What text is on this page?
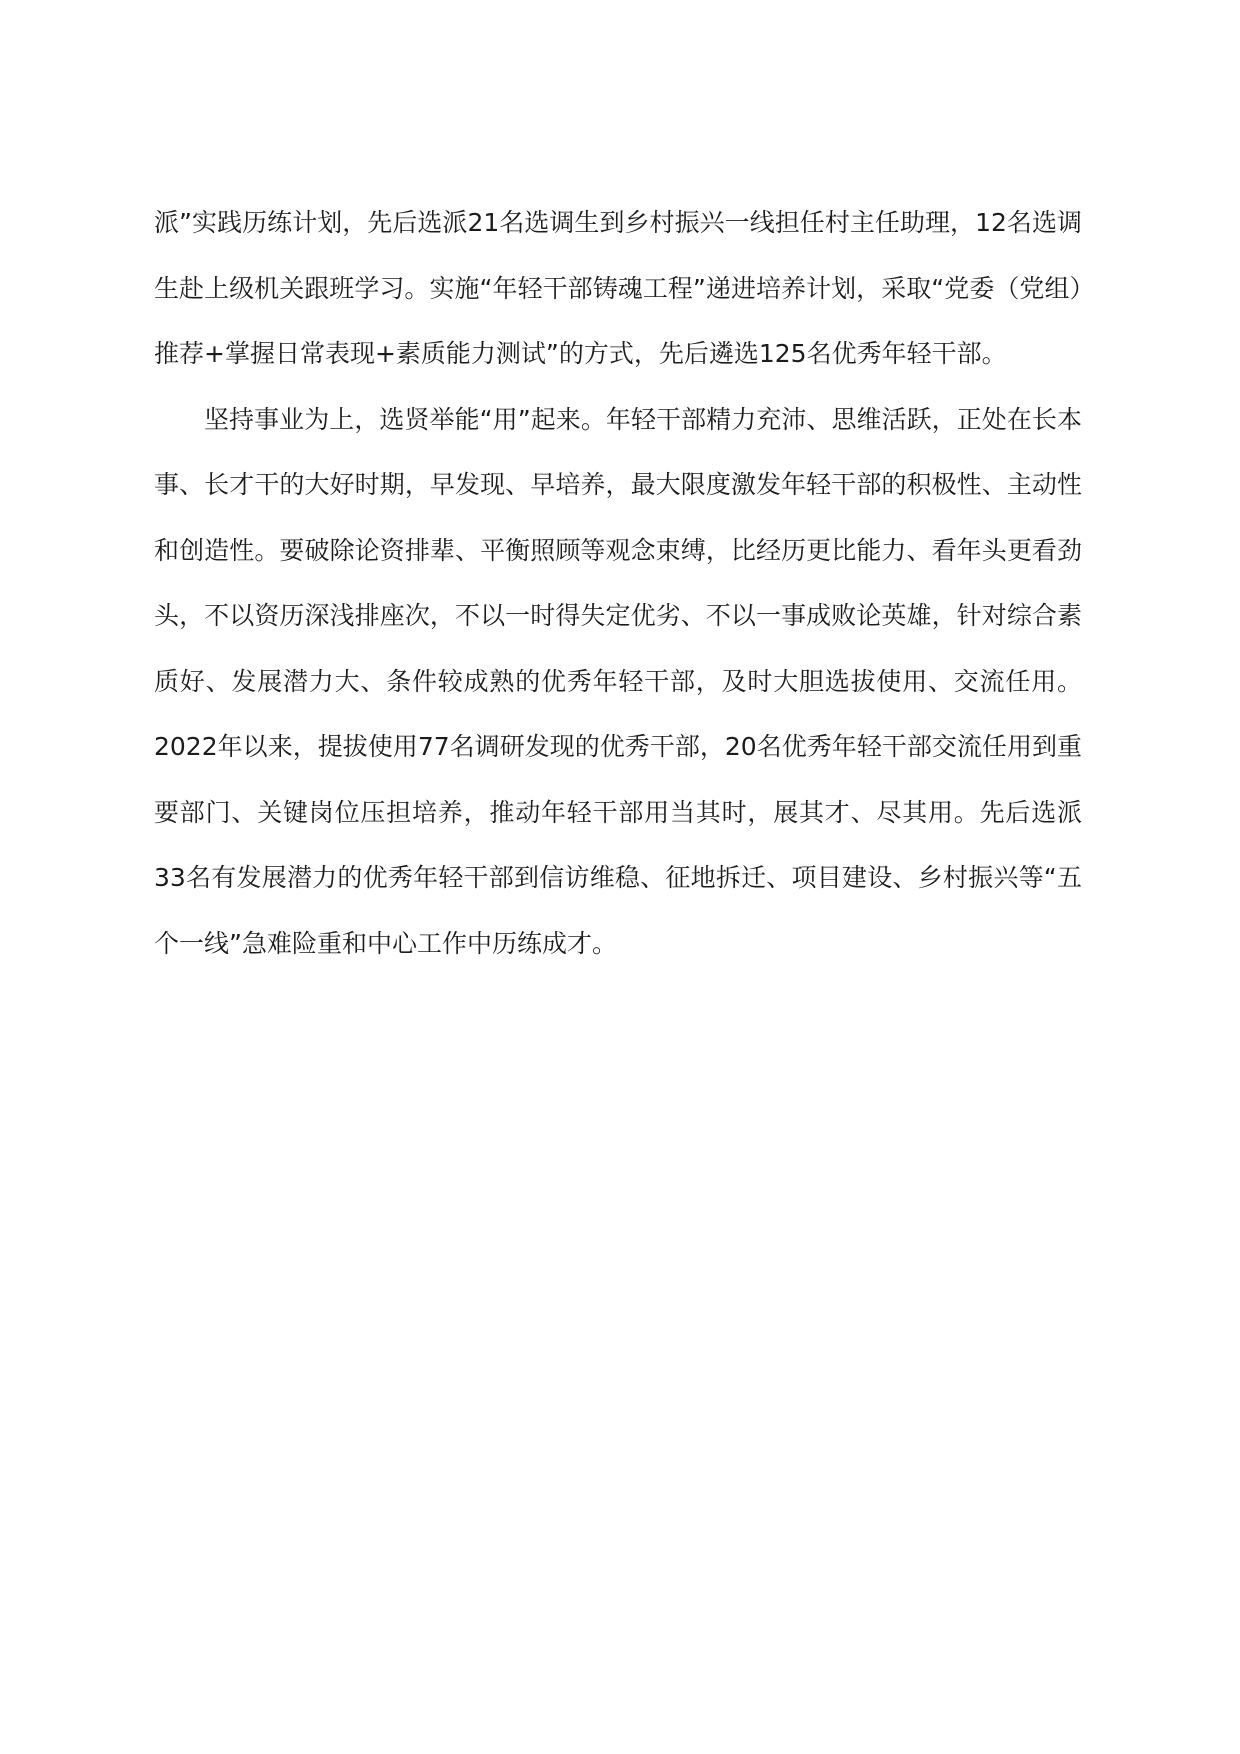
派”实践历练计划，先后选派21名选调生到乡村振兴一线担任村主任助理，12名选调生赴上级机关跟班学习。实施“年轻干部铸魂工程”递进培养计划，采取“党委（党组）推荐+掌握日常表现+素质能力测试”的方式，先后遴选125名优秀年轻干部。

坚持事业为上，选贤举能“用”起来。年轻干部精力充沛、思维活跃，正处在长本事、长才干的大好时期，早发现、早培养，最大限度激发年轻干部的积极性、主动性和创造性。要破除论资排辈、平衡照顾等观念束缚，比经历更比能力、看年头更看劲头，不以资历深浅排座次，不以一时得失定优劣、不以一事成败论英雄，针对综合素质好、发展潜力大、条件较成熟的优秀年轻干部，及时大胆选拔使用、交流任用。2022年以来，提拔使用77名调研发现的优秀干部，20名优秀年轻干部交流任用到重要部门、关键岗位压担培养，推动年轻干部用当其时，展其才、尽其用。先后选派33名有发展潜力的优秀年轻干部到信访维稳、征地拆迁、项目建设、乡村振兴等“五个一线”急难险重和中心工作中历练成才。
